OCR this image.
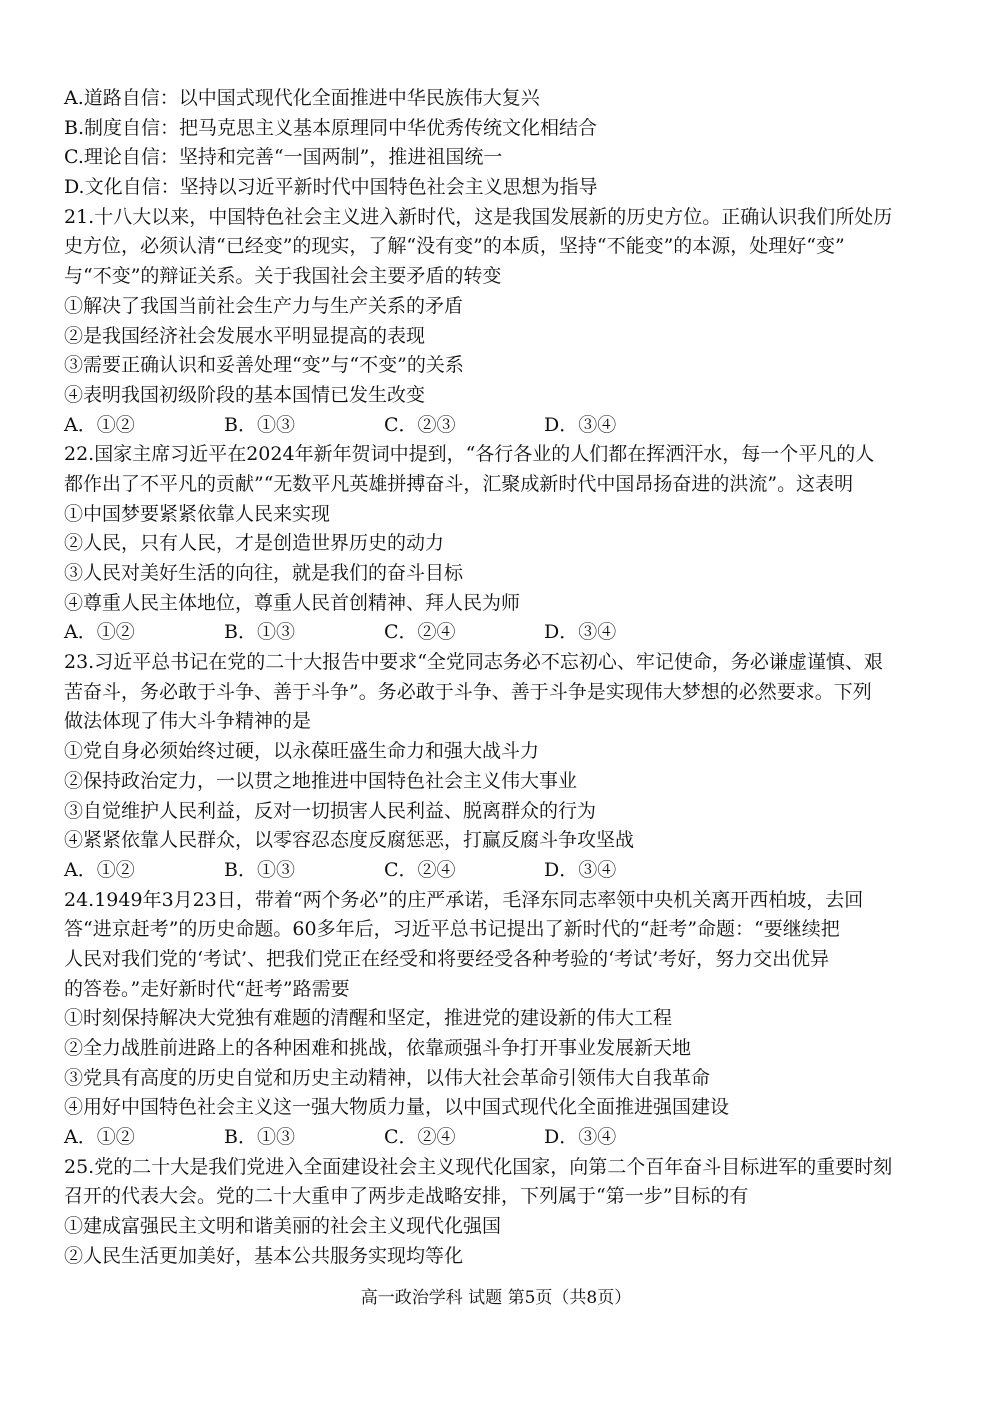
A.道路自信：以中国式现代化全面推进中华民族伟大复兴
B.制度自信：把马克思主义基本原理同中华优秀传统文化相结合
C.理论自信：坚持和完善“一国两制”，推进祖国统一
D.文化自信：坚持以习近平新时代中国特色社会主义思想为指导
21.十八大以来，中国特色社会主义进入新时代，这是我国发展新的历史方位。正确认识我们所处历
史方位，必须认清“已经变”的现实，了解“没有变”的本质，坚持“不能变”的本源，处理好“变”
与“不变”的辩证关系。关于我国社会主要矛盾的转变
①解决了我国当前社会生产力与生产关系的矛盾
②是我国经济社会发展水平明显提高的表现
③需要正确认识和妥善处理“变”与“不变”的关系
④表明我国初级阶段的基本国情已发生改变
A．①②	B．①③	C．②③	D．③④
22.国家主席习近平在2024年新年贺词中提到，“各行各业的人们都在挥洒汗水，每一个平凡的人
都作出了不平凡的贡献”“无数平凡英雄拼搏奋斗，汇聚成新时代中国昂扬奋进的洪流”。这表明
①中国梦要紧紧依靠人民来实现
②人民，只有人民，才是创造世界历史的动力
③人民对美好生活的向往，就是我们的奋斗目标
④尊重人民主体地位，尊重人民首创精神、拜人民为师
A．①②	B．①③	C．②④	D．③④
23.习近平总书记在党的二十大报告中要求“全党同志务必不忘初心、牢记使命，务必谦虚谨慎、艰
苦奋斗，务必敢于斗争、善于斗争”。务必敢于斗争、善于斗争是实现伟大梦想的必然要求。下列
做法体现了伟大斗争精神的是
①党自身必须始终过硬，以永葆旺盛生命力和强大战斗力
②保持政治定力，一以贯之地推进中国特色社会主义伟大事业
③自觉维护人民利益，反对一切损害人民利益、脱离群众的行为
④紧紧依靠人民群众，以零容忍态度反腐惩恶，打赢反腐斗争攻坚战
A．①②	B．①③	C．②④	D．③④
24.1949年3月23日，带着“两个务必”的庄严承诺，毛泽东同志率领中央机关离开西柏坡，去回
答“进京赶考”的历史命题。60多年后，习近平总书记提出了新时代的“赶考”命题：“要继续把
人民对我们党的‘考试’、把我们党正在经受和将要经受各种考验的‘考试’考好，努力交出优异
的答卷。”走好新时代“赶考”路需要
①时刻保持解决大党独有难题的清醒和坚定，推进党的建设新的伟大工程
②全力战胜前进路上的各种困难和挑战，依靠顽强斗争打开事业发展新天地
③党具有高度的历史自觉和历史主动精神，以伟大社会革命引领伟大自我革命
④用好中国特色社会主义这一强大物质力量，以中国式现代化全面推进强国建设
A．①②	B．①③	C．②④	D．③④
25.党的二十大是我们党进入全面建设社会主义现代化国家，向第二个百年奋斗目标进军的重要时刻
召开的代表大会。党的二十大重申了两步走战略安排，下列属于“第一步”目标的有
①建成富强民主文明和谐美丽的社会主义现代化强国
②人民生活更加美好，基本公共服务实现均等化
高一政治学科 试题 第5页（共8页）
